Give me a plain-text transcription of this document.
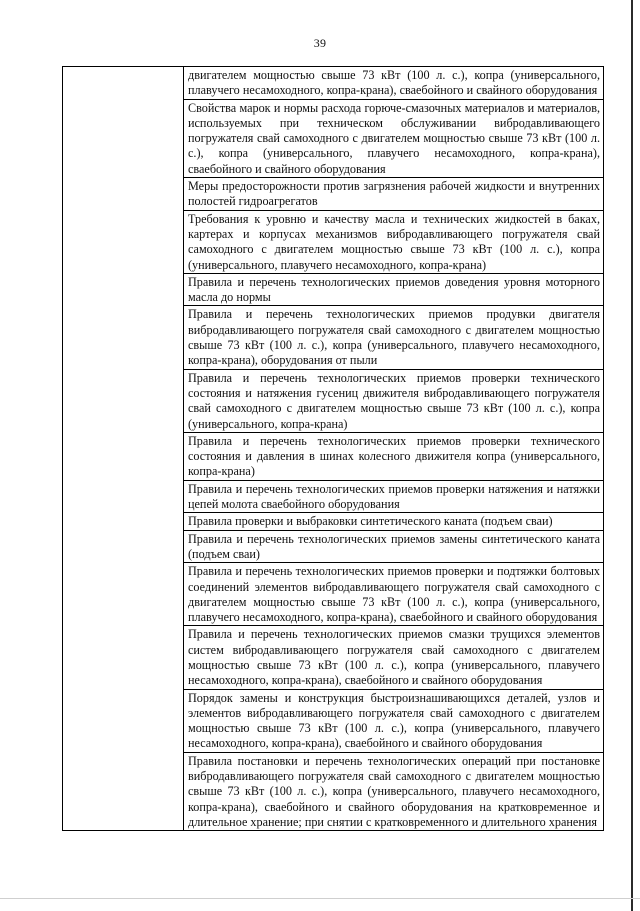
39

двигателем мощностью свыше 73 кВт (100 л. с.), копра (универсального, плавучего несамоходного, копра-крана), сваебойного и свайного оборудования
Свойства марок и нормы расхода горюче-смазочных материалов и материалов, используемых при техническом обслуживании вибродавливающего погружателя свай самоходного с двигателем мощностью свыше 73 кВт (100 л. с.), копра (универсального, плавучего несамоходного, копра-крана), сваебойного и свайного оборудования
Меры предосторожности против загрязнения рабочей жидкости и внутренних полостей гидроагрегатов
Требования к уровню и качеству масла и технических жидкостей в баках, картерах и корпусах механизмов вибродавливающего погружателя свай самоходного с двигателем мощностью свыше 73 кВт (100 л. с.), копра (универсального, плавучего несамоходного, копра-крана)
Правила и перечень технологических приемов доведения уровня моторного масла до нормы
Правила и перечень технологических приемов продувки двигателя вибродавливающего погружателя свай самоходного с двигателем мощностью свыше 73 кВт (100 л. с.), копра (универсального, плавучего несамоходного, копра-крана), оборудования от пыли
Правила и перечень технологических приемов проверки технического состояния и натяжения гусениц движителя вибродавливающего погружателя свай самоходного с двигателем мощностью свыше 73 кВт (100 л. с.), копра (универсального, копра-крана)
Правила и перечень технологических приемов проверки технического состояния и давления в шинах колесного движителя копра (универсального, копра-крана)
Правила и перечень технологических приемов проверки натяжения и натяжки цепей молота сваебойного оборудования
Правила проверки и выбраковки синтетического каната (подъем сваи)
Правила и перечень технологических приемов замены синтетического каната (подъем сваи)
Правила и перечень технологических приемов проверки и подтяжки болтовых соединений элементов вибродавливающего погружателя свай самоходного с двигателем мощностью свыше 73 кВт (100 л. с.), копра (универсального, плавучего несамоходного, копра-крана), сваебойного и свайного оборудования
Правила и перечень технологических приемов смазки трущихся элементов систем вибродавливающего погружателя свай самоходного с двигателем мощностью свыше 73 кВт (100 л. с.), копра (универсального, плавучего несамоходного, копра-крана), сваебойного и свайного оборудования
Порядок замены и конструкция быстроизнашивающихся деталей, узлов и элементов вибродавливающего погружателя свай самоходного с двигателем мощностью свыше 73 кВт (100 л. с.), копра (универсального, плавучего несамоходного, копра-крана), сваебойного и свайного оборудования
Правила постановки и перечень технологических операций при постановке вибродавливающего погружателя свай самоходного с двигателем мощностью свыше 73 кВт (100 л. с.), копра (универсального, плавучего несамоходного, копра-крана), сваебойного и свайного оборудования на кратковременное и длительное хранение; при снятии с кратковременного и длительного хранения
